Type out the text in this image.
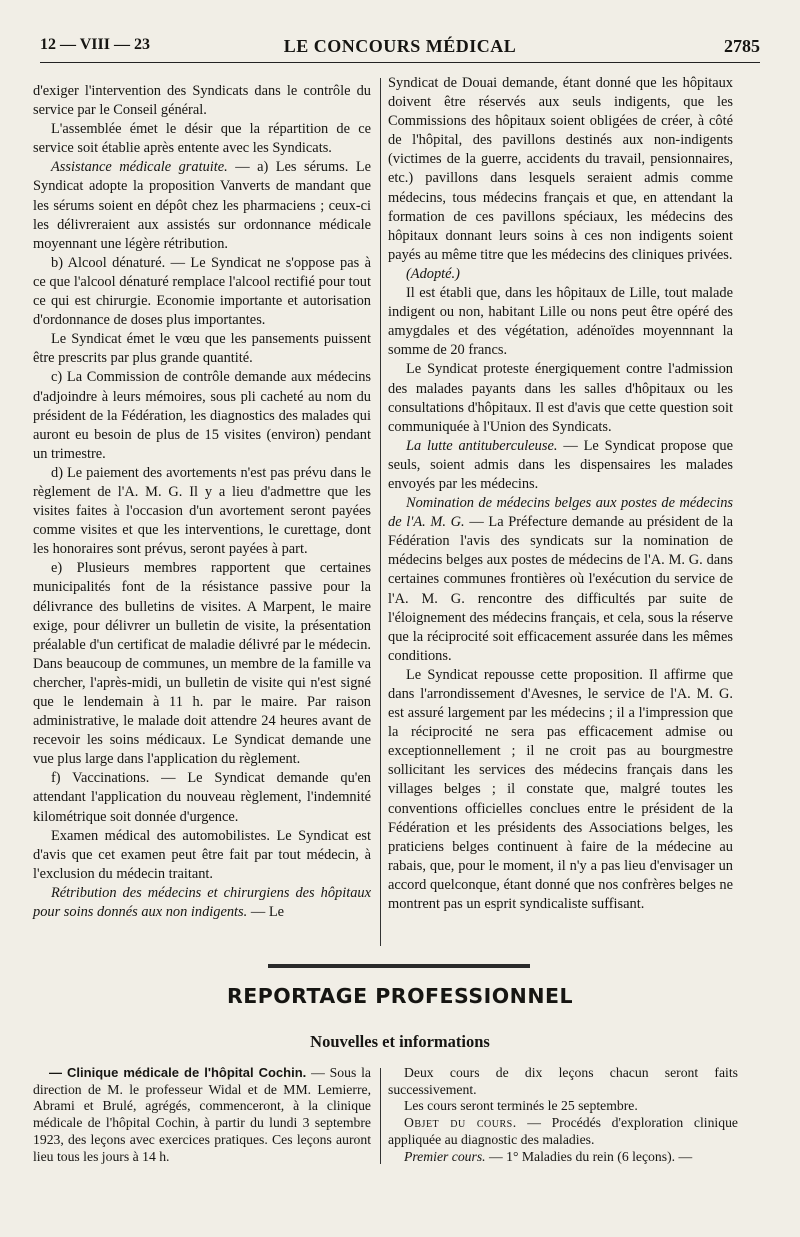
12 — VIII — 23	LE CONCOURS MÉDICAL	2785

d'exiger l'intervention des Syndicats dans le contrôle du service par le Conseil général.

L'assemblée émet le désir que la répartition de ce service soit établie après entente avec les Syndicats.

Assistance médicale gratuite. — a) Les sérums. Le Syndicat adopte la proposition Vanverts de mandant que les sérums soient en dépôt chez les pharmaciens ; ceux-ci les délivreraient aux assistés sur ordonnance médicale moyennant une légère rétribution.

b) Alcool dénaturé. — Le Syndicat ne s'oppose pas à ce que l'alcool dénaturé remplace l'alcool rectifié pour tout ce qui est chirurgie. Economie importante et autorisation d'ordonnance de doses plus importantes.

Le Syndicat émet le vœu que les pansements puissent être prescrits par plus grande quantité.

c) La Commission de contrôle demande aux médecins d'adjoindre à leurs mémoires, sous pli cacheté au nom du président de la Fédération, les diagnostics des malades qui auront eu besoin de plus de 15 visites (environ) pendant un trimestre.

d) Le paiement des avortements n'est pas prévu dans le règlement de l'A. M. G. Il y a lieu d'admettre que les visites faites à l'occasion d'un avortement seront payées comme visites et que les interventions, le curettage, dont les honoraires sont prévus, seront payées à part.

e) Plusieurs membres rapportent que certaines municipalités font de la résistance passive pour la délivrance des bulletins de visites. A Marpent, le maire exige, pour délivrer un bulletin de visite, la présentation préalable d'un certificat de maladie délivré par le médecin. Dans beaucoup de communes, un membre de la famille va chercher, l'après-midi, un bulletin de visite qui n'est signé que le lendemain à 11 h. par le maire. Par raison administrative, le malade doit attendre 24 heures avant de recevoir les soins médicaux. Le Syndicat demande une vue plus large dans l'application du règlement.

f) Vaccinations. — Le Syndicat demande qu'en attendant l'application du nouveau règlement, l'indemnité kilométrique soit donnée d'urgence.

Examen médical des automobilistes. Le Syndicat est d'avis que cet examen peut être fait par tout médecin, à l'exclusion du médecin traitant.

Rétribution des médecins et chirurgiens des hôpitaux pour soins donnés aux non indigents. — Le

Syndicat de Douai demande, étant donné que les hôpitaux doivent être réservés aux seuls indigents, que les Commissions des hôpitaux soient obligées de créer, à côté de l'hôpital, des pavillons destinés aux non-indigents (victimes de la guerre, accidents du travail, pensionnaires, etc.) pavillons dans lesquels seraient admis comme médecins, tous médecins français et que, en attendant la formation de ces pavillons spéciaux, les médecins des hôpitaux donnant leurs soins à ces non indigents soient payés au même titre que les médecins des cliniques privées.

(Adopté.)

Il est établi que, dans les hôpitaux de Lille, tout malade indigent ou non, habitant Lille ou nons peut être opéré des amygdales et des végétation, adénoïdes moyennnant la somme de 20 francs.

Le Syndicat proteste énergiquement contre l'admission des malades payants dans les salles d'hôpitaux ou les consultations d'hôpitaux. Il est d'avis que cette question soit communiquée à l'Union des Syndicats.

La lutte antituberculeuse. — Le Syndicat propose que seuls, soient admis dans les dispensaires les malades envoyés par les médecins.

Nomination de médecins belges aux postes de médecins de l'A. M. G. — La Préfecture demande au président de la Fédération l'avis des syndicats sur la nomination de médecins belges aux postes de médecins de l'A. M. G. dans certaines communes frontières où l'exécution du service de l'A. M. G. rencontre des difficultés par suite de l'éloignement des médecins français, et cela, sous la réserve que la réciprocité soit efficacement assurée dans les mêmes conditions.

Le Syndicat repousse cette proposition. Il affirme que dans l'arrondissement d'Avesnes, le service de l'A. M. G. est assuré largement par les médecins ; il a l'impression que la réciprocité ne sera pas efficacement admise ou exceptionnellement ; il ne croit pas au bourgmestre sollicitant les services des médecins français dans les villages belges ; il constate que, malgré toutes les conventions officielles conclues entre le président de la Fédération et les présidents des Associations belges, les praticiens belges continuent à faire de la médecine au rabais, que, pour le moment, il n'y a pas lieu d'envisager un accord quelconque, étant donné que nos confrères belges ne montrent pas un esprit syndicaliste suffisant.

REPORTAGE PROFESSIONNEL
Nouvelles et informations

— Clinique médicale de l'hôpital Cochin. — Sous la direction de M. le professeur Widal et de MM. Lemierre, Abrami et Brulé, agrégés, commenceront, à la clinique médicale de l'hôpital Cochin, à partir du lundi 3 septembre 1923, des leçons avec exercices pratiques. Ces leçons auront lieu tous les jours à 14 h.

Deux cours de dix leçons chacun seront faits successivement.

Les cours seront terminés le 25 septembre.

Objet du cours. — Procédés d'exploration clinique appliquée au diagnostic des maladies.

Premier cours. — 1° Maladies du rein (6 leçons). —
